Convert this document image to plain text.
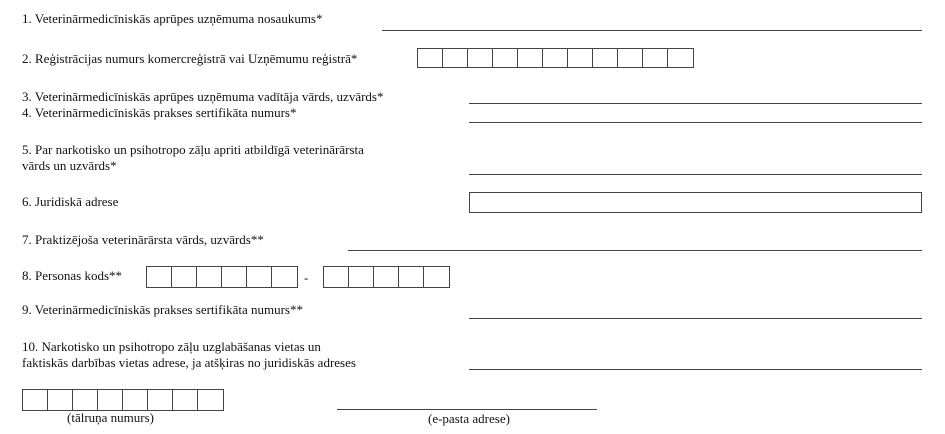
1. Veterinārmedicīniskās aprūpes uzņēmuma nosaukums*
2. Reģistrācijas numurs komercreģistrā vai Uzņēmumu reģistrā*
3. Veterinārmedicīniskās aprūpes uzņēmuma vadītāja vārds, uzvārds*
4. Veterinārmedicīniskās prakses sertifikāta numurs*
5. Par narkotisko un psihotropo zāļu apriti atbildīgā veterinārārsta
vārds un uzvārds*
6. Juridiskā adrese
7. Praktizējoša veterinārārsta vārds, uzvārds**
8. Personas kods**	-
9. Veterinārmedicīniskās prakses sertifikāta numurs**
10. Narkotisko un psihotropo zāļu uzglabāšanas vietas un
faktiskās darbības vietas adrese, ja atšķiras no juridiskās adreses
(tālruņa numurs)	(e-pasta adrese)
